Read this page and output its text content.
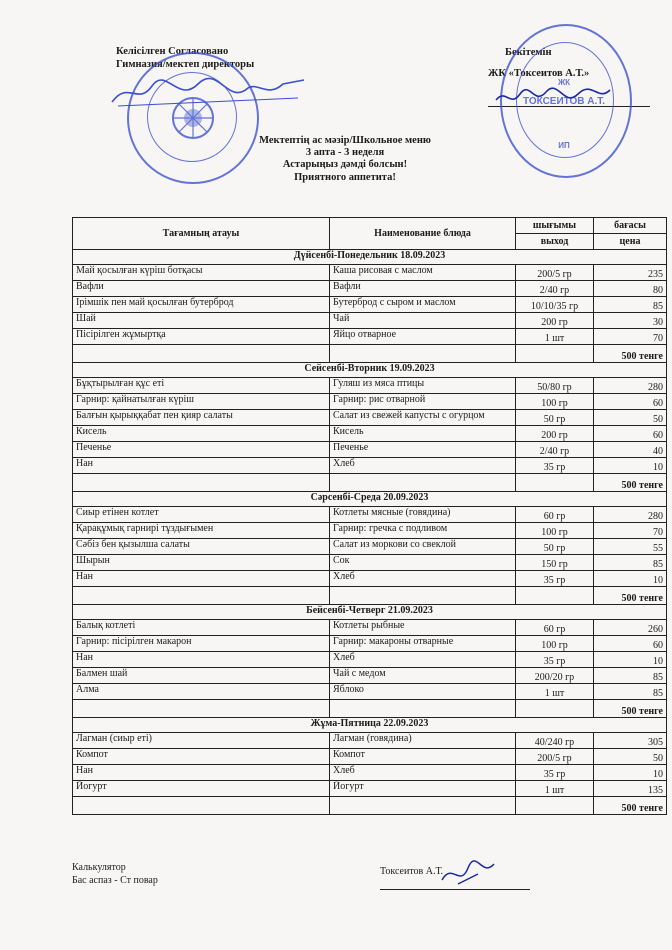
Келісілген Согласовано
Гимназия/мектеп директоры
Бекітемін
ЖК «Токсеитов А.Т.»
ТОКСЕИТОВ А.Т.
ЖК
ИП
Мектептің ас мәзір/Школьное меню
3 апта - 3 неделя
Астарыңыз дәмді болсын!
Приятного аппетита!
Тағамның атауы	Наименование блюда	шығымы	бағасы
		выход	цена
Дүйсенбі-Понедельник 18.09.2023			
Май қосылған күріш ботқасы	Каша рисовая с маслом	200/5 гр	235
Вафли	Вафли	2/40 гр	80
Ірімшік пен май қосылған бутерброд	Бутерброд с сыром и маслом	10/10/35 гр	85
Шай	Чай	200 гр	30
Пісірілген жұмыртқа	Яйцо отварное	1 шт	70
			500 тенге
Сейсенбі-Вторник 19.09.2023			
Бұқтырылған құс еті	Гуляш из мяса птицы	50/80 гр	280
Гарнир: қайнатылған күріш	Гарнир: рис отварной	100 гр	60
Балғын қырыққабат пен қияр салаты	Салат из свежей капусты с огурцом	50 гр	50
Кисель	Кисель	200 гр	60
Печенье	Печенье	2/40 гр	40
Нан	Хлеб	35 гр	10
			500 тенге
Сәрсенбі-Среда 20.09.2023			
Сиыр етінен котлет	Котлеты мясные (говядина)	60 гр	280
Қарақұмық гарнирі тұздығымен	Гарнир: гречка с подливом	100 гр	70
Сәбіз бен қызылша салаты	Салат из моркови со свеклой	50 гр	55
Шырын	Сок	150 гр	85
Нан	Хлеб	35 гр	10
			500 тенге
Бейсенбі-Четверг 21.09.2023			
Балық котлеті	Котлеты рыбные	60 гр	260
Гарнир: пісірілген макарон	Гарнир: макароны отварные	100 гр	60
Нан	Хлеб	35 гр	10
Балмен шай	Чай с медом	200/20 гр	85
Алма	Яблоко	1 шт	85
			500 тенге
Жұма-Пятница 22.09.2023			
Лагман (сиыр еті)	Лагман (говядина)	40/240 гр	305
Компот	Компот	200/5 гр	50
Нан	Хлеб	35 гр	10
Йогурт	Йогурт	1 шт	135
			500 тенге
Калькулятор
Бас аспаз - Ст повар
Токсеитов А.Т.
